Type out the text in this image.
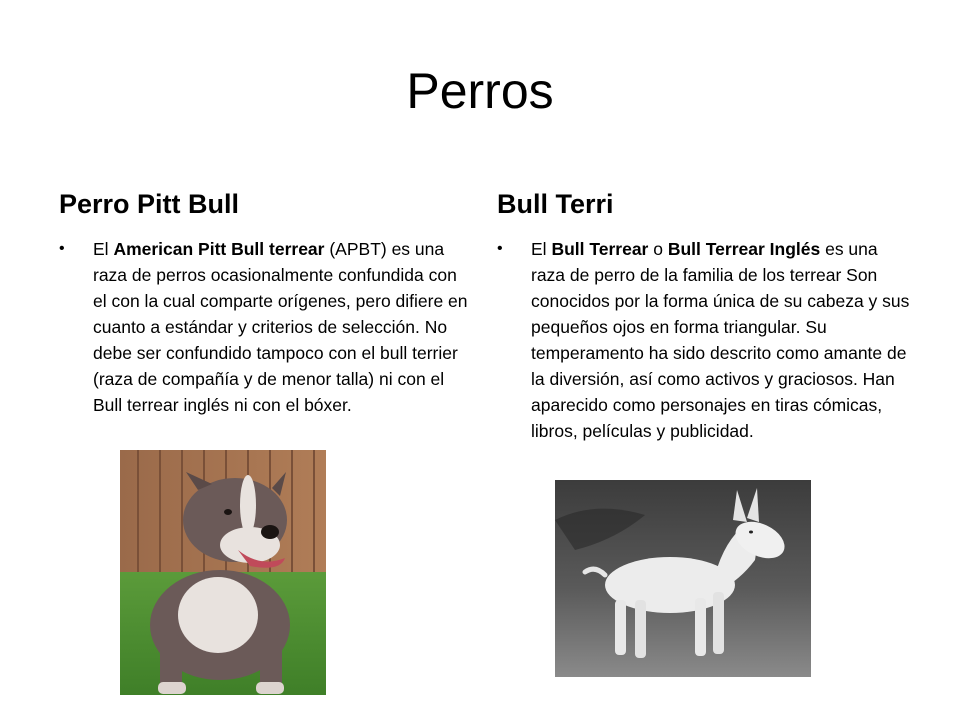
Perros
Perro Pitt Bull
• El American Pitt Bull terrear (APBT) es una raza de perros ocasionalmente confundida con el con la cual comparte orígenes, pero difiere en cuanto a estándar y criterios de selección. No debe ser confundido tampoco con el bull terrier (raza de compañía y de menor talla) ni con el Bull terrear inglés ni con el bóxer.
Bull Terri
• El Bull Terrear o Bull Terrear Inglés es una raza de perro de la familia de los terrear Son conocidos por la forma única de su cabeza y sus pequeños ojos en forma triangular. Su temperamento ha sido descrito como amante de la diversión, así como activos y graciosos. Han aparecido como personajes en tiras cómicas, libros, películas y publicidad.
